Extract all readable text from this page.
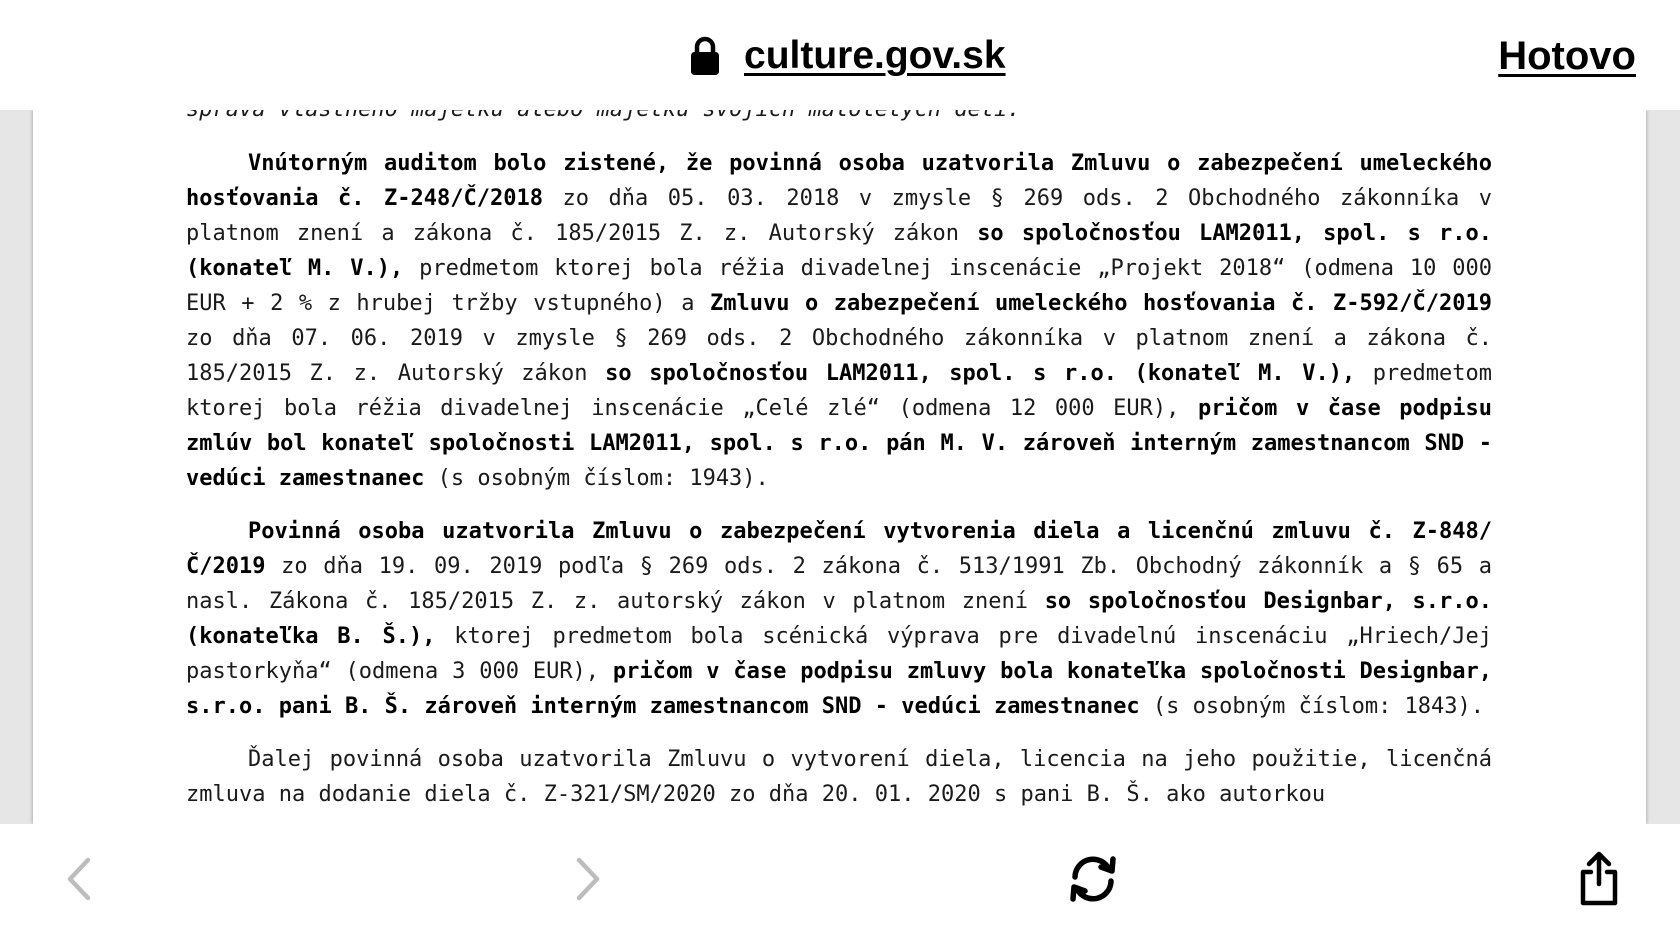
culture.gov.sk	Hotovo

Vnútorným auditom bolo zistené, že povinná osoba uzatvorila Zmluvu o zabezpečení umeleckého hosťovania č. Z-248/Č/2018 zo dňa 05. 03. 2018 v zmysle § 269 ods. 2 Obchodného zákonníka v platnom znení a zákona č. 185/2015 Z. z. Autorský zákon so spoločnosťou LAM2011, spol. s r.o. (konateľ M. V.), predmetom ktorej bola réžia divadelnej inscenácie „Projekt 2018“ (odmena 10 000 EUR + 2 % z hrubej tržby vstupného) a Zmluvu o zabezpečení umeleckého hosťovania č. Z-592/Č/2019 zo dňa 07. 06. 2019 v zmysle § 269 ods. 2 Obchodného zákonníka v platnom znení a zákona č. 185/2015 Z. z. Autorský zákon so spoločnosťou LAM2011, spol. s r.o. (konateľ M. V.), predmetom ktorej bola réžia divadelnej inscenácie „Celé zlé“ (odmena 12 000 EUR), pričom v čase podpisu zmlúv bol konateľ spoločnosti LAM2011, spol. s r.o. pán M. V. zároveň interným zamestnancom SND - vedúci zamestnanec (s osobným číslom: 1943).

Povinná osoba uzatvorila Zmluvu o zabezpečení vytvorenia diela a licenčnú zmluvu č. Z-848/Č/2019 zo dňa 19. 09. 2019 podľa § 269 ods. 2 zákona č. 513/1991 Zb. Obchodný zákonník a § 65 a nasl. Zákona č. 185/2015 Z. z. autorský zákon v platnom znení so spoločnosťou Designbar, s.r.o. (konateľka B. Š.), ktorej predmetom bola scénická výprava pre divadelnú inscenáciu „Hriech/Jej pastorkyňa“ (odmena 3 000 EUR), pričom v čase podpisu zmluvy bola konateľka spoločnosti Designbar, s.r.o. pani B. Š. zároveň interným zamestnancom SND - vedúci zamestnanec (s osobným číslom: 1843).

Ďalej povinná osoba uzatvorila Zmluvu o vytvorení diela, licencia na jeho použitie, licenčná zmluva na dodanie diela č. Z-321/SM/2020 zo dňa 20. 01. 2020 s pani B. Š. ako autorkou
